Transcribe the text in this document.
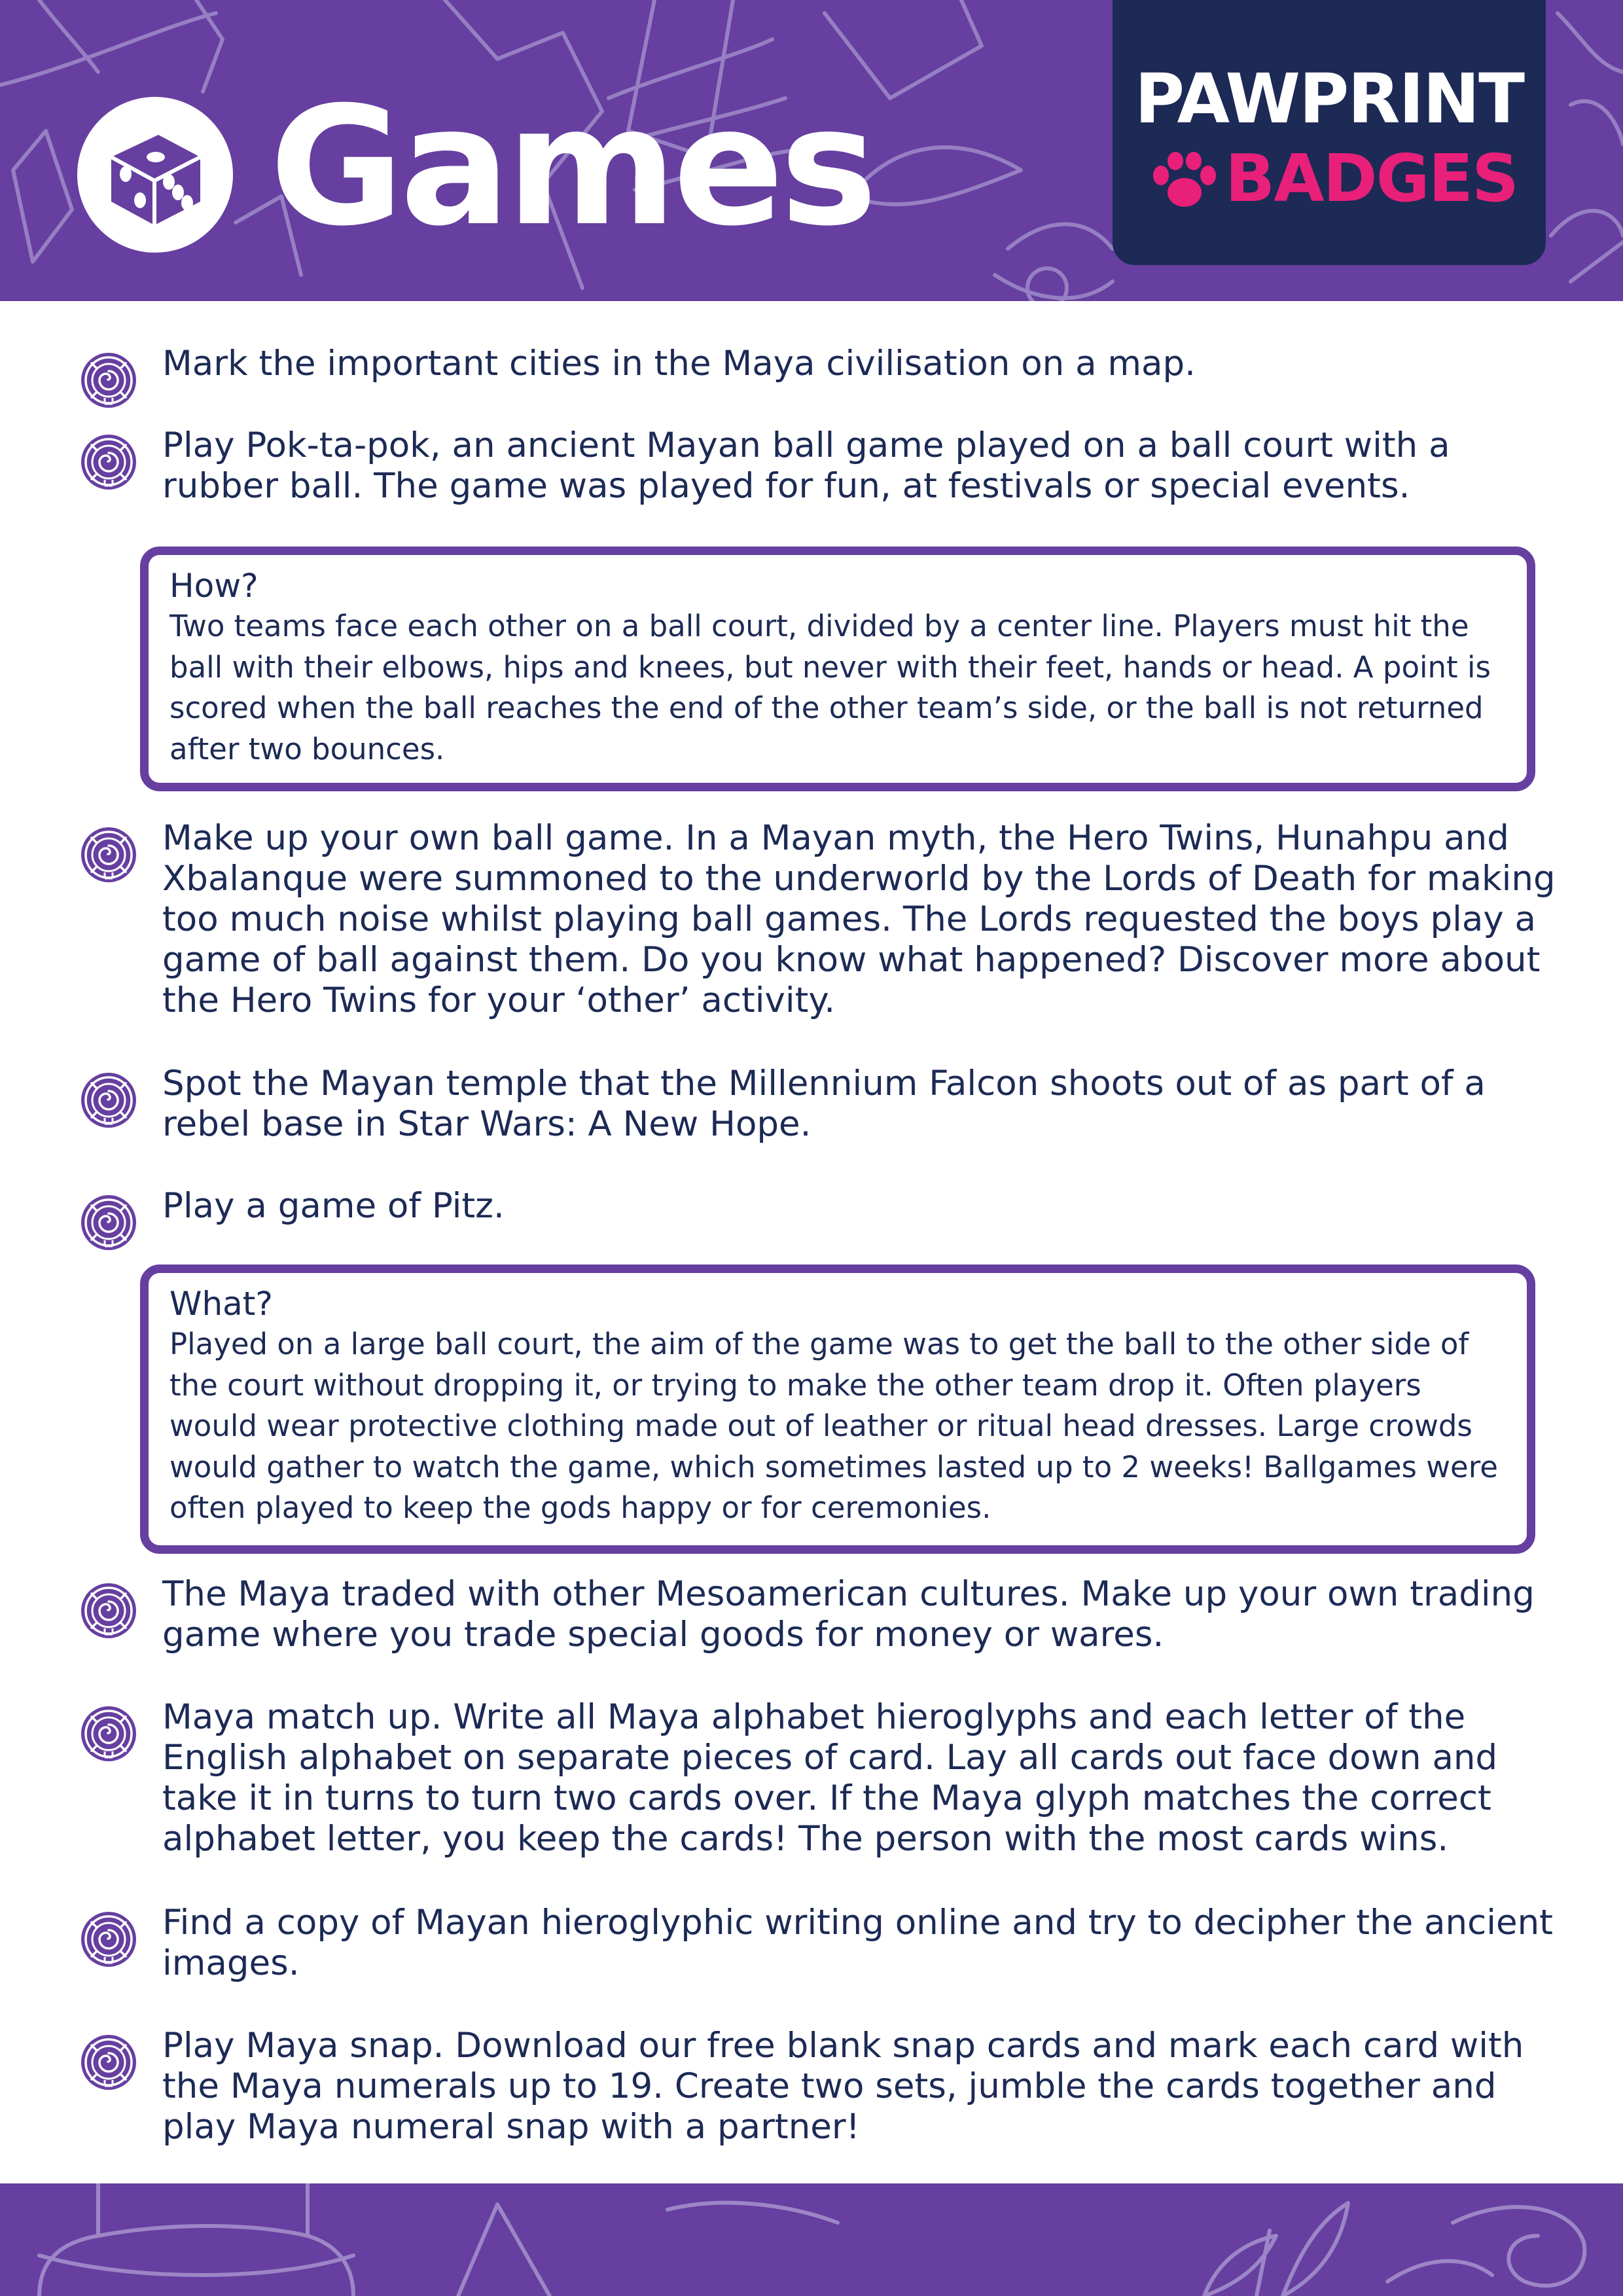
Games	PAWPRINT
BADGES

Mark the important cities in the Maya civilisation on a map.

Play Pok-ta-pok, an ancient Mayan ball game played on a ball court with a rubber ball. The game was played for fun, at festivals or special events.

How?

Two teams face each other on a ball court, divided by a center line. Players must hit the ball with their elbows, hips and knees, but never with their feet, hands or head. A point is scored when the ball reaches the end of the other team’s side, or the ball is not returned after two bounces.

Make up your own ball game. In a Mayan myth, the Hero Twins, Hunahpu and Xbalanque were summoned to the underworld by the Lords of Death for making too much noise whilst playing ball games. The Lords requested the boys play a game of ball against them. Do you know what happened? Discover more about the Hero Twins for your ‘other’ activity.

Spot the Mayan temple that the Millennium Falcon shoots out of as part of a rebel base in Star Wars: A New Hope.

Play a game of Pitz.

What?

Played on a large ball court, the aim of the game was to get the ball to the other side of the court without dropping it, or trying to make the other team drop it. Often players would wear protective clothing made out of leather or ritual head dresses. Large crowds would gather to watch the game, which sometimes lasted up to 2 weeks! Ballgames were often played to keep the gods happy or for ceremonies.

The Maya traded with other Mesoamerican cultures. Make up your own trading game where you trade special goods for money or wares.

Maya match up. Write all Maya alphabet hieroglyphs and each letter of the English alphabet on separate pieces of card. Lay all cards out face down and take it in turns to turn two cards over. If the Maya glyph matches the correct alphabet letter, you keep the cards! The person with the most cards wins.

Find a copy of Mayan hieroglyphic writing online and try to decipher the ancient images.

Play Maya snap. Download our free blank snap cards and mark each card with the Maya numerals up to 19. Create two sets, jumble the cards together and play Maya numeral snap with a partner!
